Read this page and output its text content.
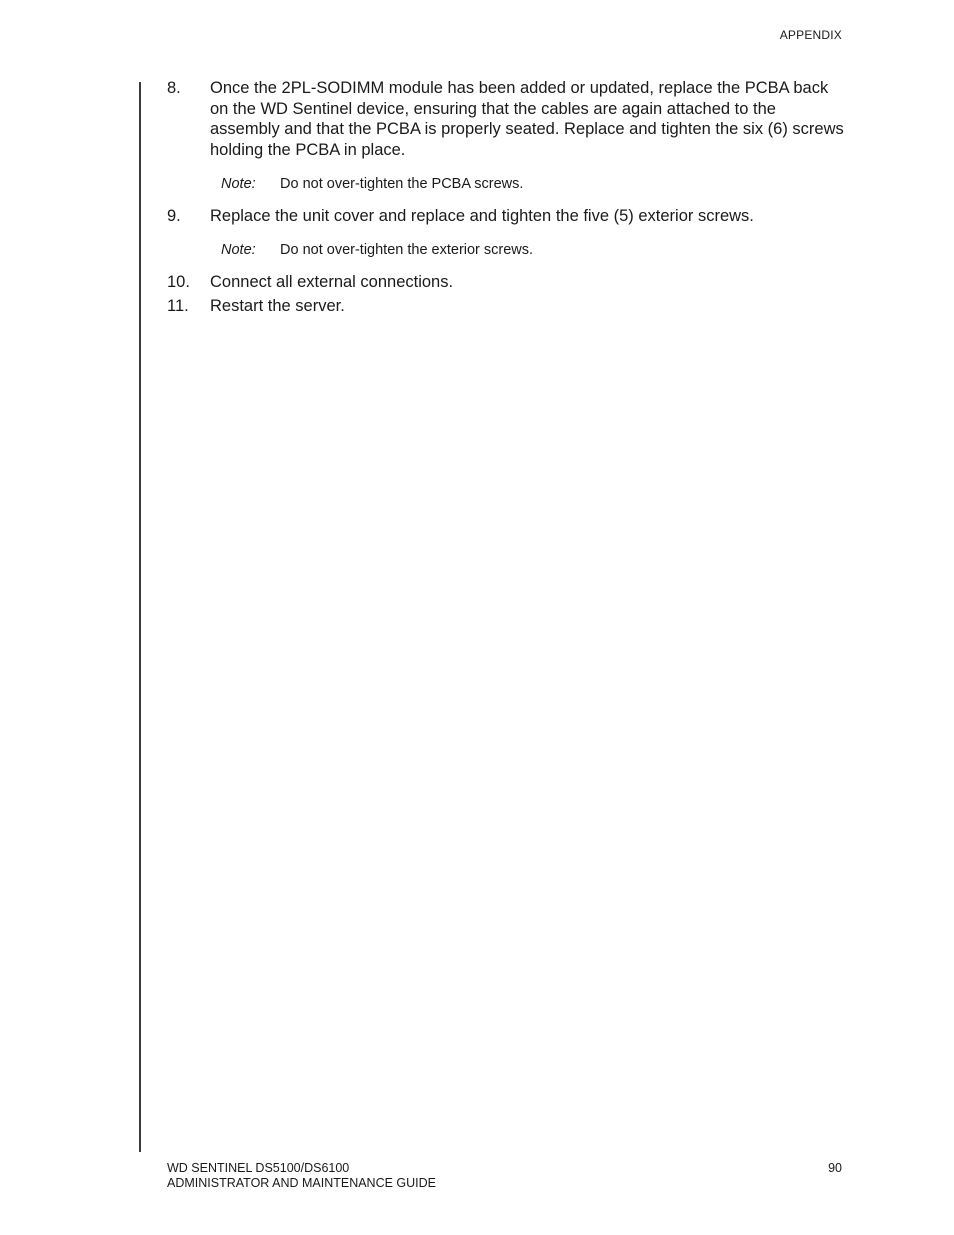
APPENDIX
8.	Once the 2PL-SODIMM module has been added or updated, replace the PCBA back on the WD Sentinel device, ensuring that the cables are again attached to the assembly and that the PCBA is properly seated. Replace and tighten the six (6) screws holding the PCBA in place.
Note:	Do not over-tighten the PCBA screws.
9.	Replace the unit cover and replace and tighten the five (5) exterior screws.
Note:	Do not over-tighten the exterior screws.
10.	Connect all external connections.
11.	Restart the server.
WD SENTINEL DS5100/DS6100
ADMINISTRATOR AND MAINTENANCE GUIDE
90
